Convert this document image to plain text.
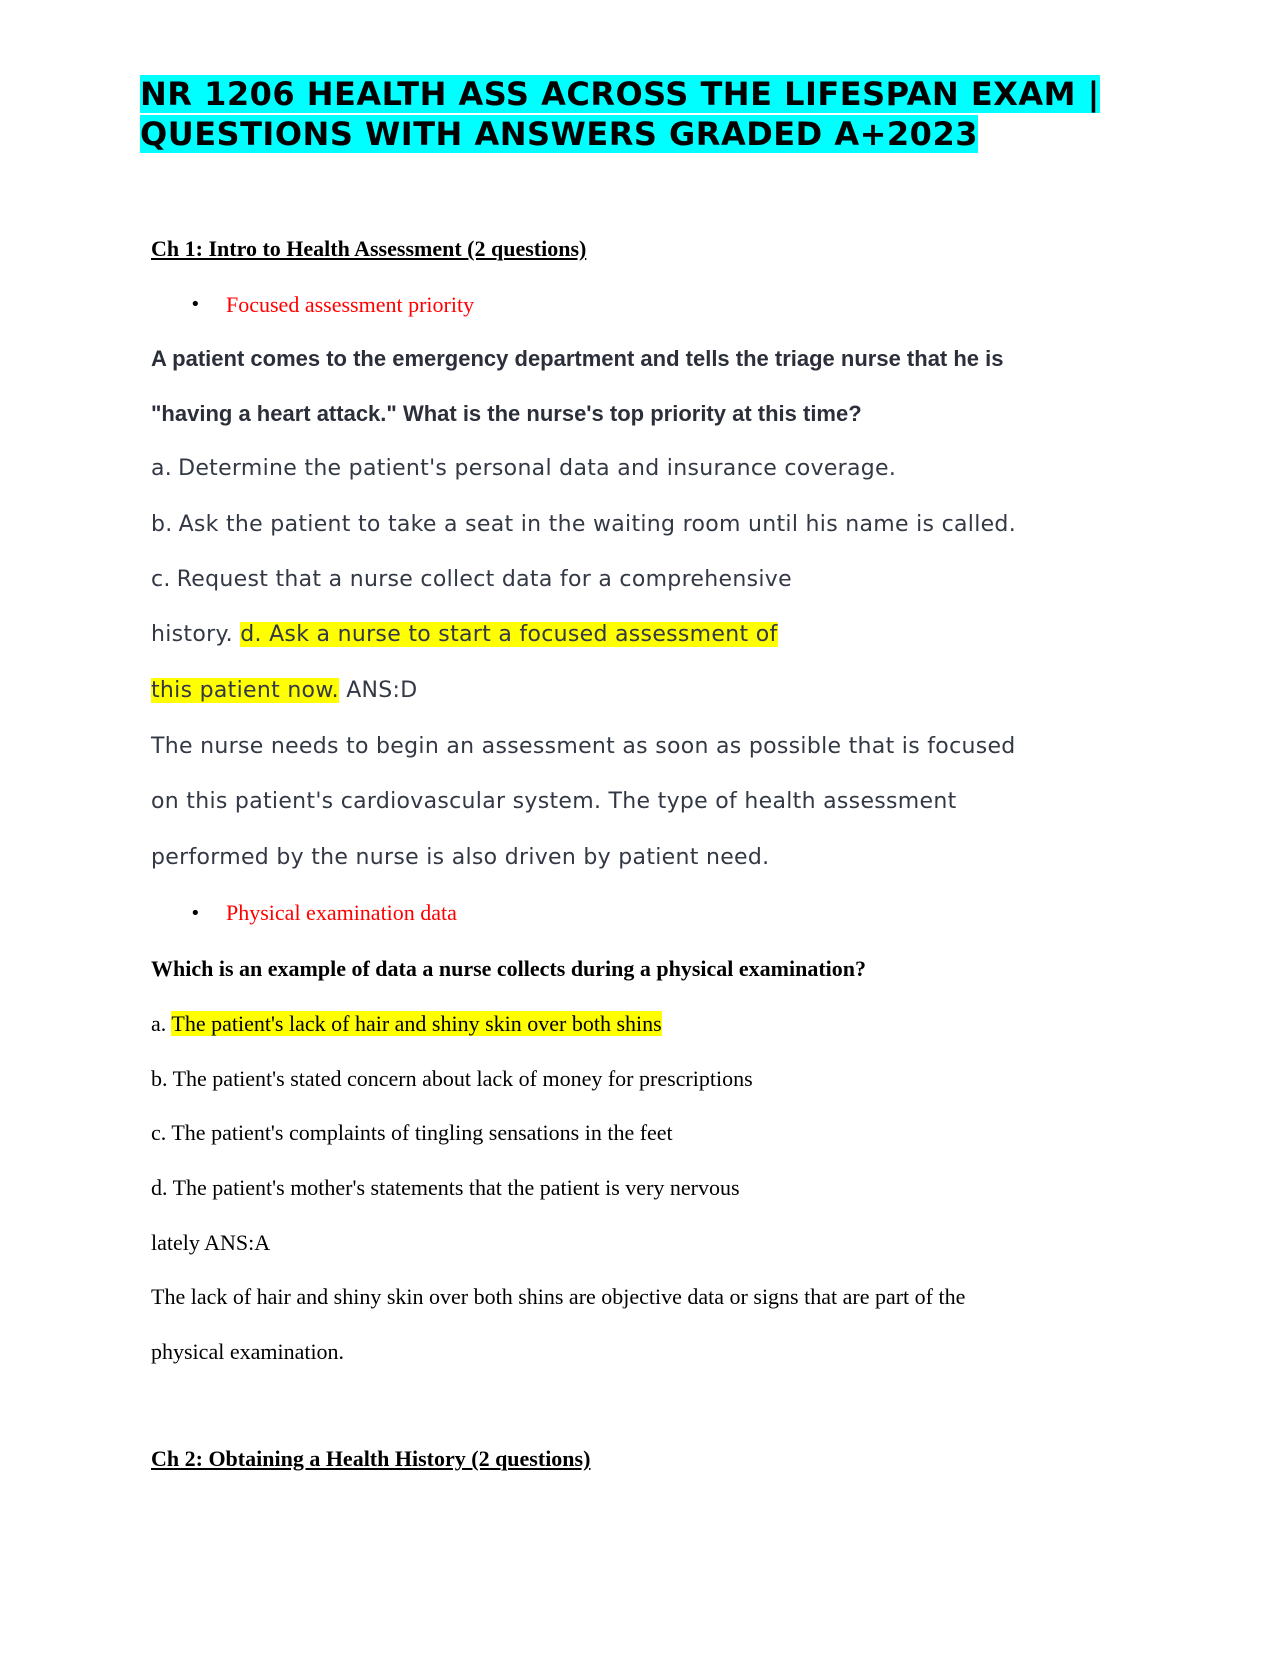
NR 1206 HEALTH ASS ACROSS THE LIFESPAN EXAM |
QUESTIONS WITH ANSWERS GRADED A+2023

Ch 1: Intro to Health Assessment (2 questions)

• Focused assessment priority

A patient comes to the emergency department and tells the triage nurse that he is

"having a heart attack." What is the nurse's top priority at this time?

a. Determine the patient's personal data and insurance coverage.

b. Ask the patient to take a seat in the waiting room until his name is called.

c. Request that a nurse collect data for a comprehensive

history. d. Ask a nurse to start a focused assessment of

this patient now. ANS:D

The nurse needs to begin an assessment as soon as possible that is focused

on this patient's cardiovascular system. The type of health assessment

performed by the nurse is also driven by patient need.

• Physical examination data

Which is an example of data a nurse collects during a physical examination?

a. The patient's lack of hair and shiny skin over both shins

b. The patient's stated concern about lack of money for prescriptions

c. The patient's complaints of tingling sensations in the feet

d. The patient's mother's statements that the patient is very nervous

lately ANS:A

The lack of hair and shiny skin over both shins are objective data or signs that are part of the

physical examination.

Ch 2: Obtaining a Health History (2 questions)
